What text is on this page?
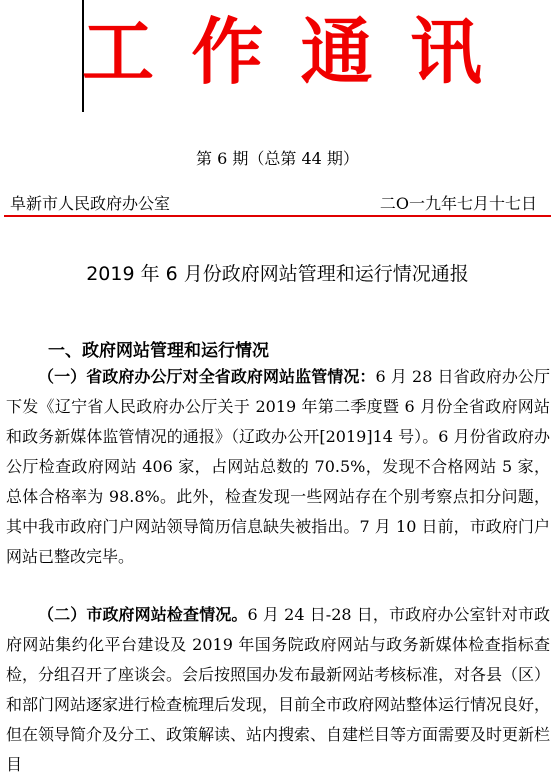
工 作 通 讯
第 6 期（总第 44 期）
阜新市人民政府办公室	二O一九年七月十七日
2019 年 6 月份政府网站管理和运行情况通报
一、政府网站管理和运行情况
（一）省政府办公厅对全省政府网站监管情况：6 月 28 日省政府办公厅下发《辽宁省人民政府办公厅关于 2019 年第二季度暨 6 月份全省政府网站和政务新媒体监管情况的通报》（辽政办公开[2019]14 号）。6 月份省政府办公厅检查政府网站 406 家，占网站总数的 70.5%，发现不合格网站 5 家，总体合格率为 98.8%。此外，检查发现一些网站存在个别考察点扣分问题，其中我市政府门户网站领导简历信息缺失被指出。7 月 10 日前，市政府门户网站已整改完毕。
（二）市政府网站检查情况。6 月 24 日-28 日，市政府办公室针对市政府网站集约化平台建设及 2019 年国务院政府网站与政务新媒体检查指标查检，分组召开了座谈会。会后按照国办发布最新网站考核标准，对各县（区）和部门网站逐家进行检查梳理后发现，目前全市政府网站整体运行情况良好，但在领导简介及分工、政策解读、站内搜索、自建栏目等方面需要及时更新栏目
